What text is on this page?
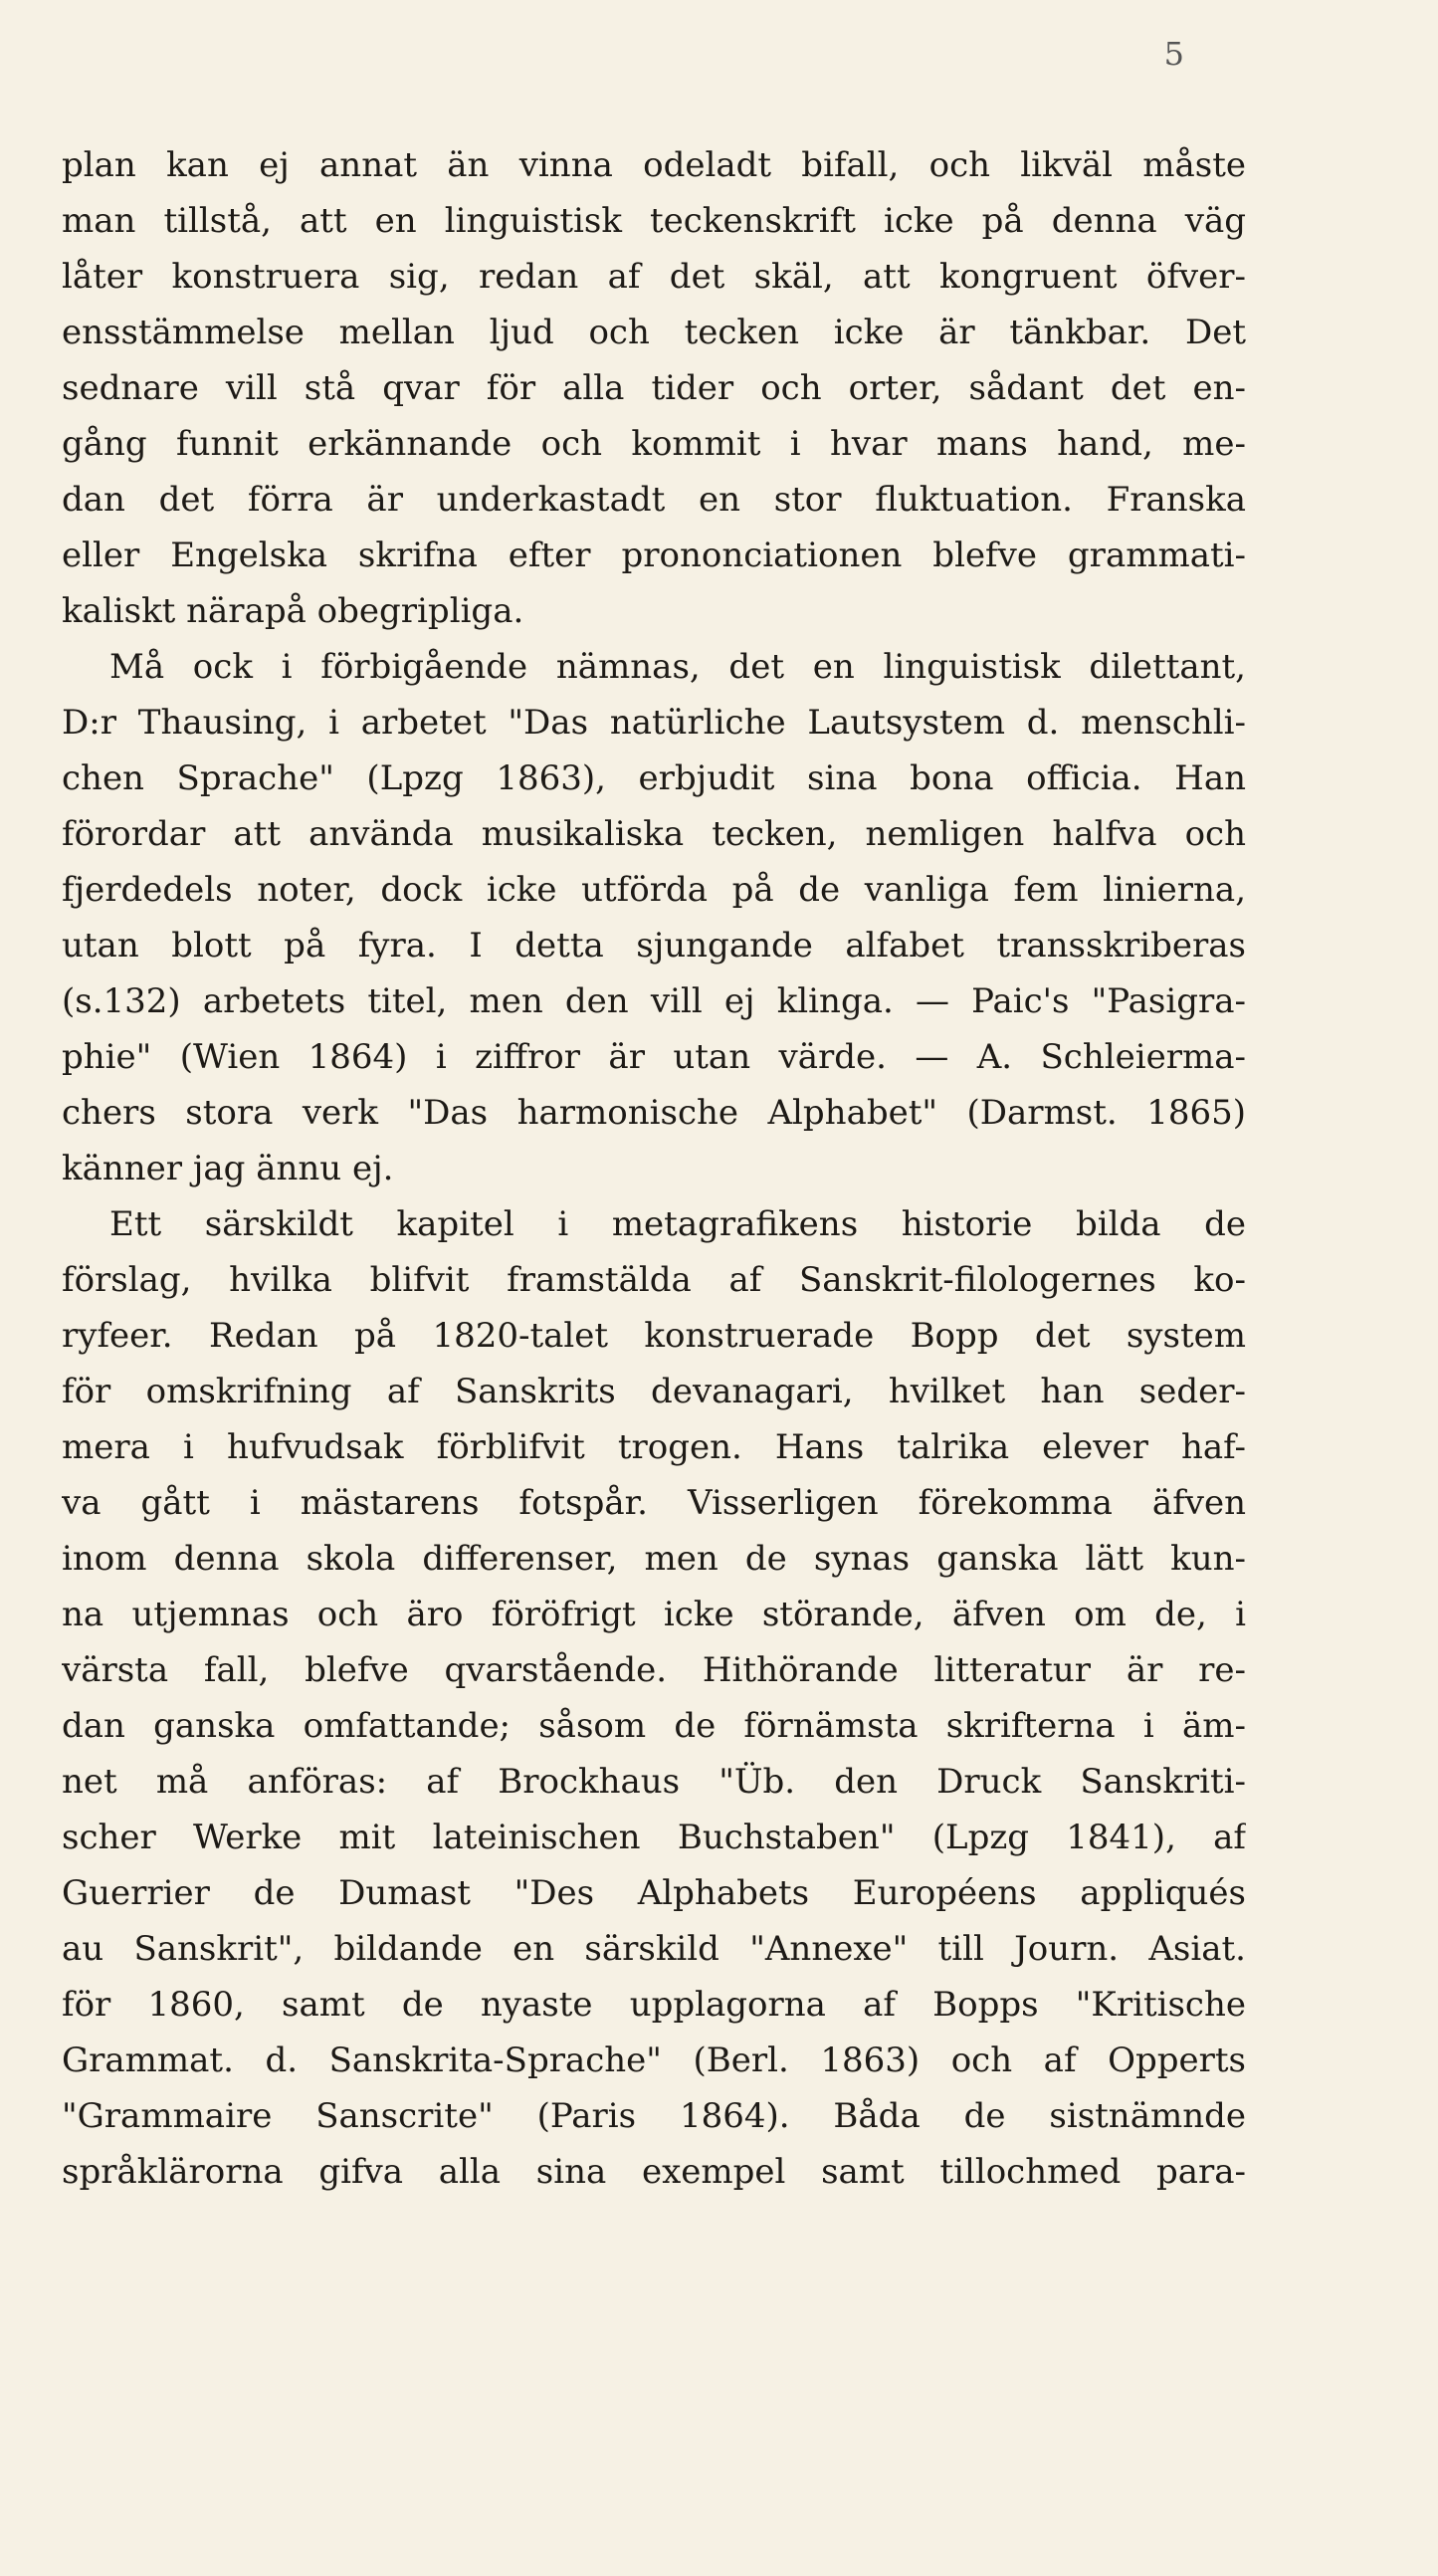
5
plan kan ej annat än vinna odeladt bifall, och likväl måste
man tillstå, att en linguistisk teckenskrift icke på denna väg
låter konstruera sig, redan af det skäl, att kongruent öfver-
ensstämmelse mellan ljud och tecken icke är tänkbar. Det
sednare vill stå qvar för alla tider och orter, sådant det en-
gång funnit erkännande och kommit i hvar mans hand, me-
dan det förra är underkastadt en stor fluktuation. Franska
eller Engelska skrifna efter prononciationen blefve grammati-
kaliskt närapå obegripliga.
Må ock i förbigående nämnas, det en linguistisk dilettant,
D:r Thausing, i arbetet "Das natürliche Lautsystem d. menschli-
chen Sprache" (Lpzg 1863), erbjudit sina bona officia. Han
förordar att använda musikaliska tecken, nemligen halfva och
fjerdedels noter, dock icke utförda på de vanliga fem linierna,
utan blott på fyra. I detta sjungande alfabet transskriberas
(s.132) arbetets titel, men den vill ej klinga. — Paic's "Pasigra-
phie" (Wien 1864) i ziffror är utan värde. — A. Schleierma-
chers stora verk "Das harmonische Alphabet" (Darmst. 1865)
känner jag ännu ej.
Ett särskildt kapitel i metagrafikens historie bilda de
förslag, hvilka blifvit framstälda af Sanskrit-filologernes ko-
ryfeer. Redan på 1820-talet konstruerade Bopp det system
för omskrifning af Sanskrits devanagari, hvilket han seder-
mera i hufvudsak förblifvit trogen. Hans talrika elever haf-
va gått i mästarens fotspår. Visserligen förekomma äfven
inom denna skola differenser, men de synas ganska lätt kun-
na utjemnas och äro föröfrigt icke störande, äfven om de, i
värsta fall, blefve qvarstående. Hithörande litteratur är re-
dan ganska omfattande; såsom de förnämsta skrifterna i äm-
net må anföras: af Brockhaus "Üb. den Druck Sanskriti-
scher Werke mit lateinischen Buchstaben" (Lpzg 1841), af
Guerrier de Dumast "Des Alphabets Européens appliqués
au Sanskrit", bildande en särskild "Annexe" till Journ. Asiat.
för 1860, samt de nyaste upplagorna af Bopps "Kritische
Grammat. d. Sanskrita-Sprache" (Berl. 1863) och af Opperts
"Grammaire Sanscrite" (Paris 1864). Båda de sistnämnde
språklärorna gifva alla sina exempel samt tillochmed para-
